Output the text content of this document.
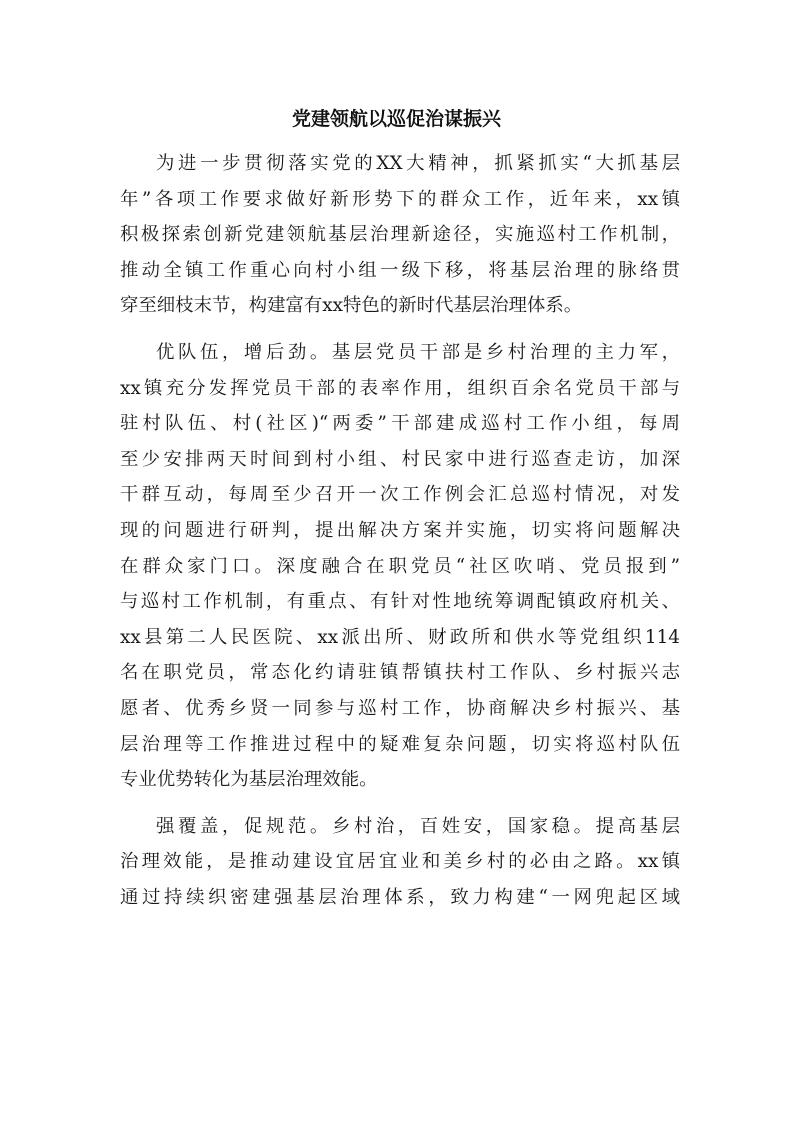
党建领航以巡促治谋振兴

为进一步贯彻落实党的XX大精神，抓紧抓实“大抓基层
年”各项工作要求做好新形势下的群众工作，近年来，xx镇
积极探索创新党建领航基层治理新途径，实施巡村工作机制，
推动全镇工作重心向村小组一级下移，将基层治理的脉络贯
穿至细枝末节，构建富有xx特色的新时代基层治理体系。

优队伍，增后劲。基层党员干部是乡村治理的主力军，
xx镇充分发挥党员干部的表率作用，组织百余名党员干部与
驻村队伍、村(社区)“两委”干部建成巡村工作小组，每周
至少安排两天时间到村小组、村民家中进行巡查走访，加深
干群互动，每周至少召开一次工作例会汇总巡村情况，对发
现的问题进行研判，提出解决方案并实施，切实将问题解决
在群众家门口。深度融合在职党员“社区吹哨、党员报到”
与巡村工作机制，有重点、有针对性地统筹调配镇政府机关、
xx县第二人民医院、xx派出所、财政所和供水等党组织114
名在职党员，常态化约请驻镇帮镇扶村工作队、乡村振兴志
愿者、优秀乡贤一同参与巡村工作，协商解决乡村振兴、基
层治理等工作推进过程中的疑难复杂问题，切实将巡村队伍
专业优势转化为基层治理效能。

强覆盖，促规范。乡村治，百姓安，国家稳。提高基层
治理效能，是推动建设宜居宜业和美乡村的必由之路。xx镇
通过持续织密建强基层治理体系，致力构建“一网兜起区域
